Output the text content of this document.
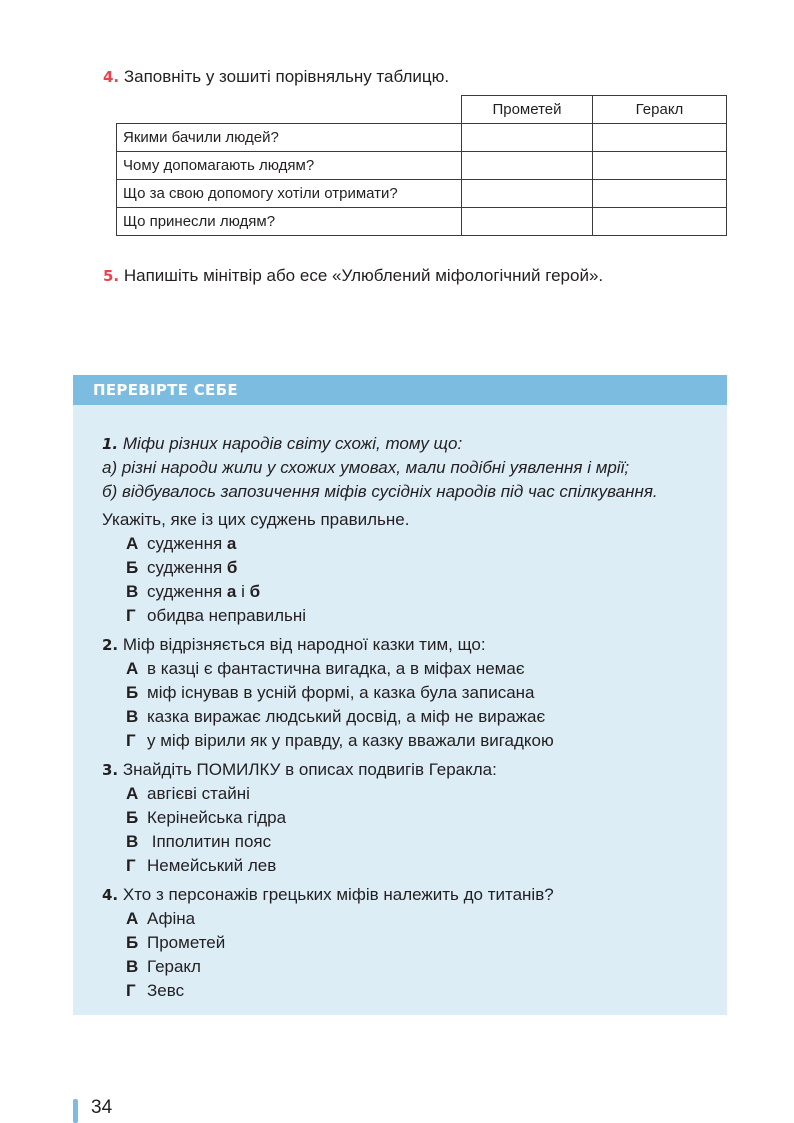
4. Заповніть у зошиті порівняльну таблицю.
	Прометей	Геракл
Якими бачили людей?		
Чому допомагають людям?		
Що за свою допомогу хотіли отримати?		
Що принесли людям?		
5. Напишіть мінітвір або есе «Улюблений міфологічний герой».
ПЕРЕВІРТЕ СЕБЕ
1. Міфи різних народів світу схожі, тому що:
а) різні народи жили у схожих умовах, мали подібні уявлення і мрії;
б) відбувалось запозичення міфів сусідніх народів під час спілкування.
Укажіть, яке із цих суджень правильне.
А судження а
Б судження б
В судження а і б
Г обидва неправильні
2. Міф відрізняється від народної казки тим, що:
А в казці є фантастична вигадка, а в міфах немає
Б міф існував в усній формі, а казка була записана
В казка виражає людський досвід, а міф не виражає
Г у міф вірили як у правду, а казку вважали вигадкою
3. Знайдіть ПОМИЛКУ в описах подвигів Геракла:
А авгієві стайні
Б Керінейська гідра
В Іпполитин пояс
Г Немейський лев
4. Хто з персонажів грецьких міфів належить до титанів?
А Афіна
Б Прометей
В Геракл
Г Зевс
34
